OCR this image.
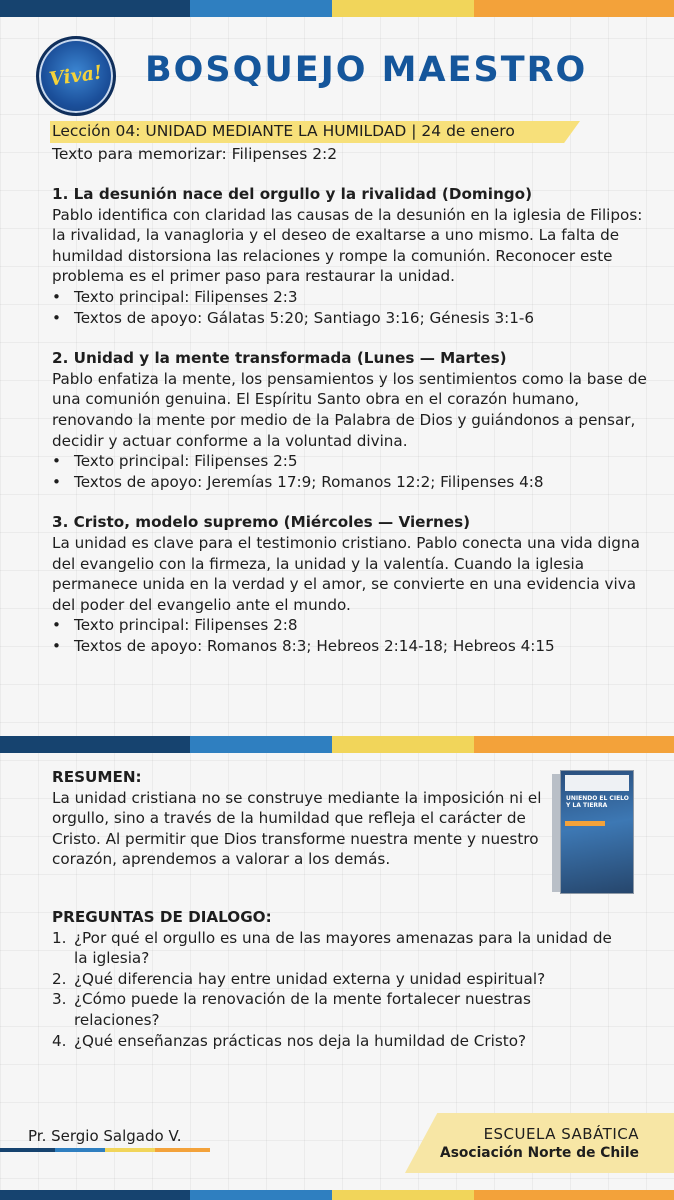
Viva! BOSQUEJO MAESTRO

Lección 04: UNIDAD MEDIANTE LA HUMILDAD | 24 de enero

Texto para memorizar: Filipenses 2:2

1. La desunión nace del orgullo y la rivalidad (Domingo)

Pablo identifica con claridad las causas de la desunión en la iglesia de Filipos: la rivalidad, la vanagloria y el deseo de exaltarse a uno mismo. La falta de humildad distorsiona las relaciones y rompe la comunión. Reconocer este problema es el primer paso para restaurar la unidad.

• Texto principal: Filipenses 2:3
• Textos de apoyo: Gálatas 5:20; Santiago 3:16; Génesis 3:1-6
2. Unidad y la mente transformada (Lunes — Martes)

Pablo enfatiza la mente, los pensamientos y los sentimientos como la base de una comunión genuina. El Espíritu Santo obra en el corazón humano, renovando la mente por medio de la Palabra de Dios y guiándonos a pensar, decidir y actuar conforme a la voluntad divina.

• Texto principal: Filipenses 2:5
• Textos de apoyo: Jeremías 17:9; Romanos 12:2; Filipenses 4:8
3. Cristo, modelo supremo (Miércoles — Viernes)

La unidad es clave para el testimonio cristiano. Pablo conecta una vida digna del evangelio con la firmeza, la unidad y la valentía. Cuando la iglesia permanece unida en la verdad y el amor, se convierte en una evidencia viva del poder del evangelio ante el mundo.

• Texto principal: Filipenses 2:8
• Textos de apoyo: Romanos 8:3; Hebreos 2:14-18; Hebreos 4:15
RESUMEN:

La unidad cristiana no se construye mediante la imposición ni el orgullo, sino a través de la humildad que refleja el carácter de Cristo. Al permitir que Dios transforme nuestra mente y nuestro corazón, aprendemos a valorar a los demás.

UNIENDO EL CIELO Y LA TIERRA
PREGUNTAS DE DIALOGO:
1. ¿Por qué el orgullo es una de las mayores amenazas para la unidad de la iglesia?
2. ¿Qué diferencia hay entre unidad externa y unidad espiritual?
3. ¿Cómo puede la renovación de la mente fortalecer nuestras relaciones?
4. ¿Qué enseñanzas prácticas nos deja la humildad de Cristo?

Pr. Sergio Salgado V.	ESCUELA SABÁTICA

Asociación Norte de Chile
